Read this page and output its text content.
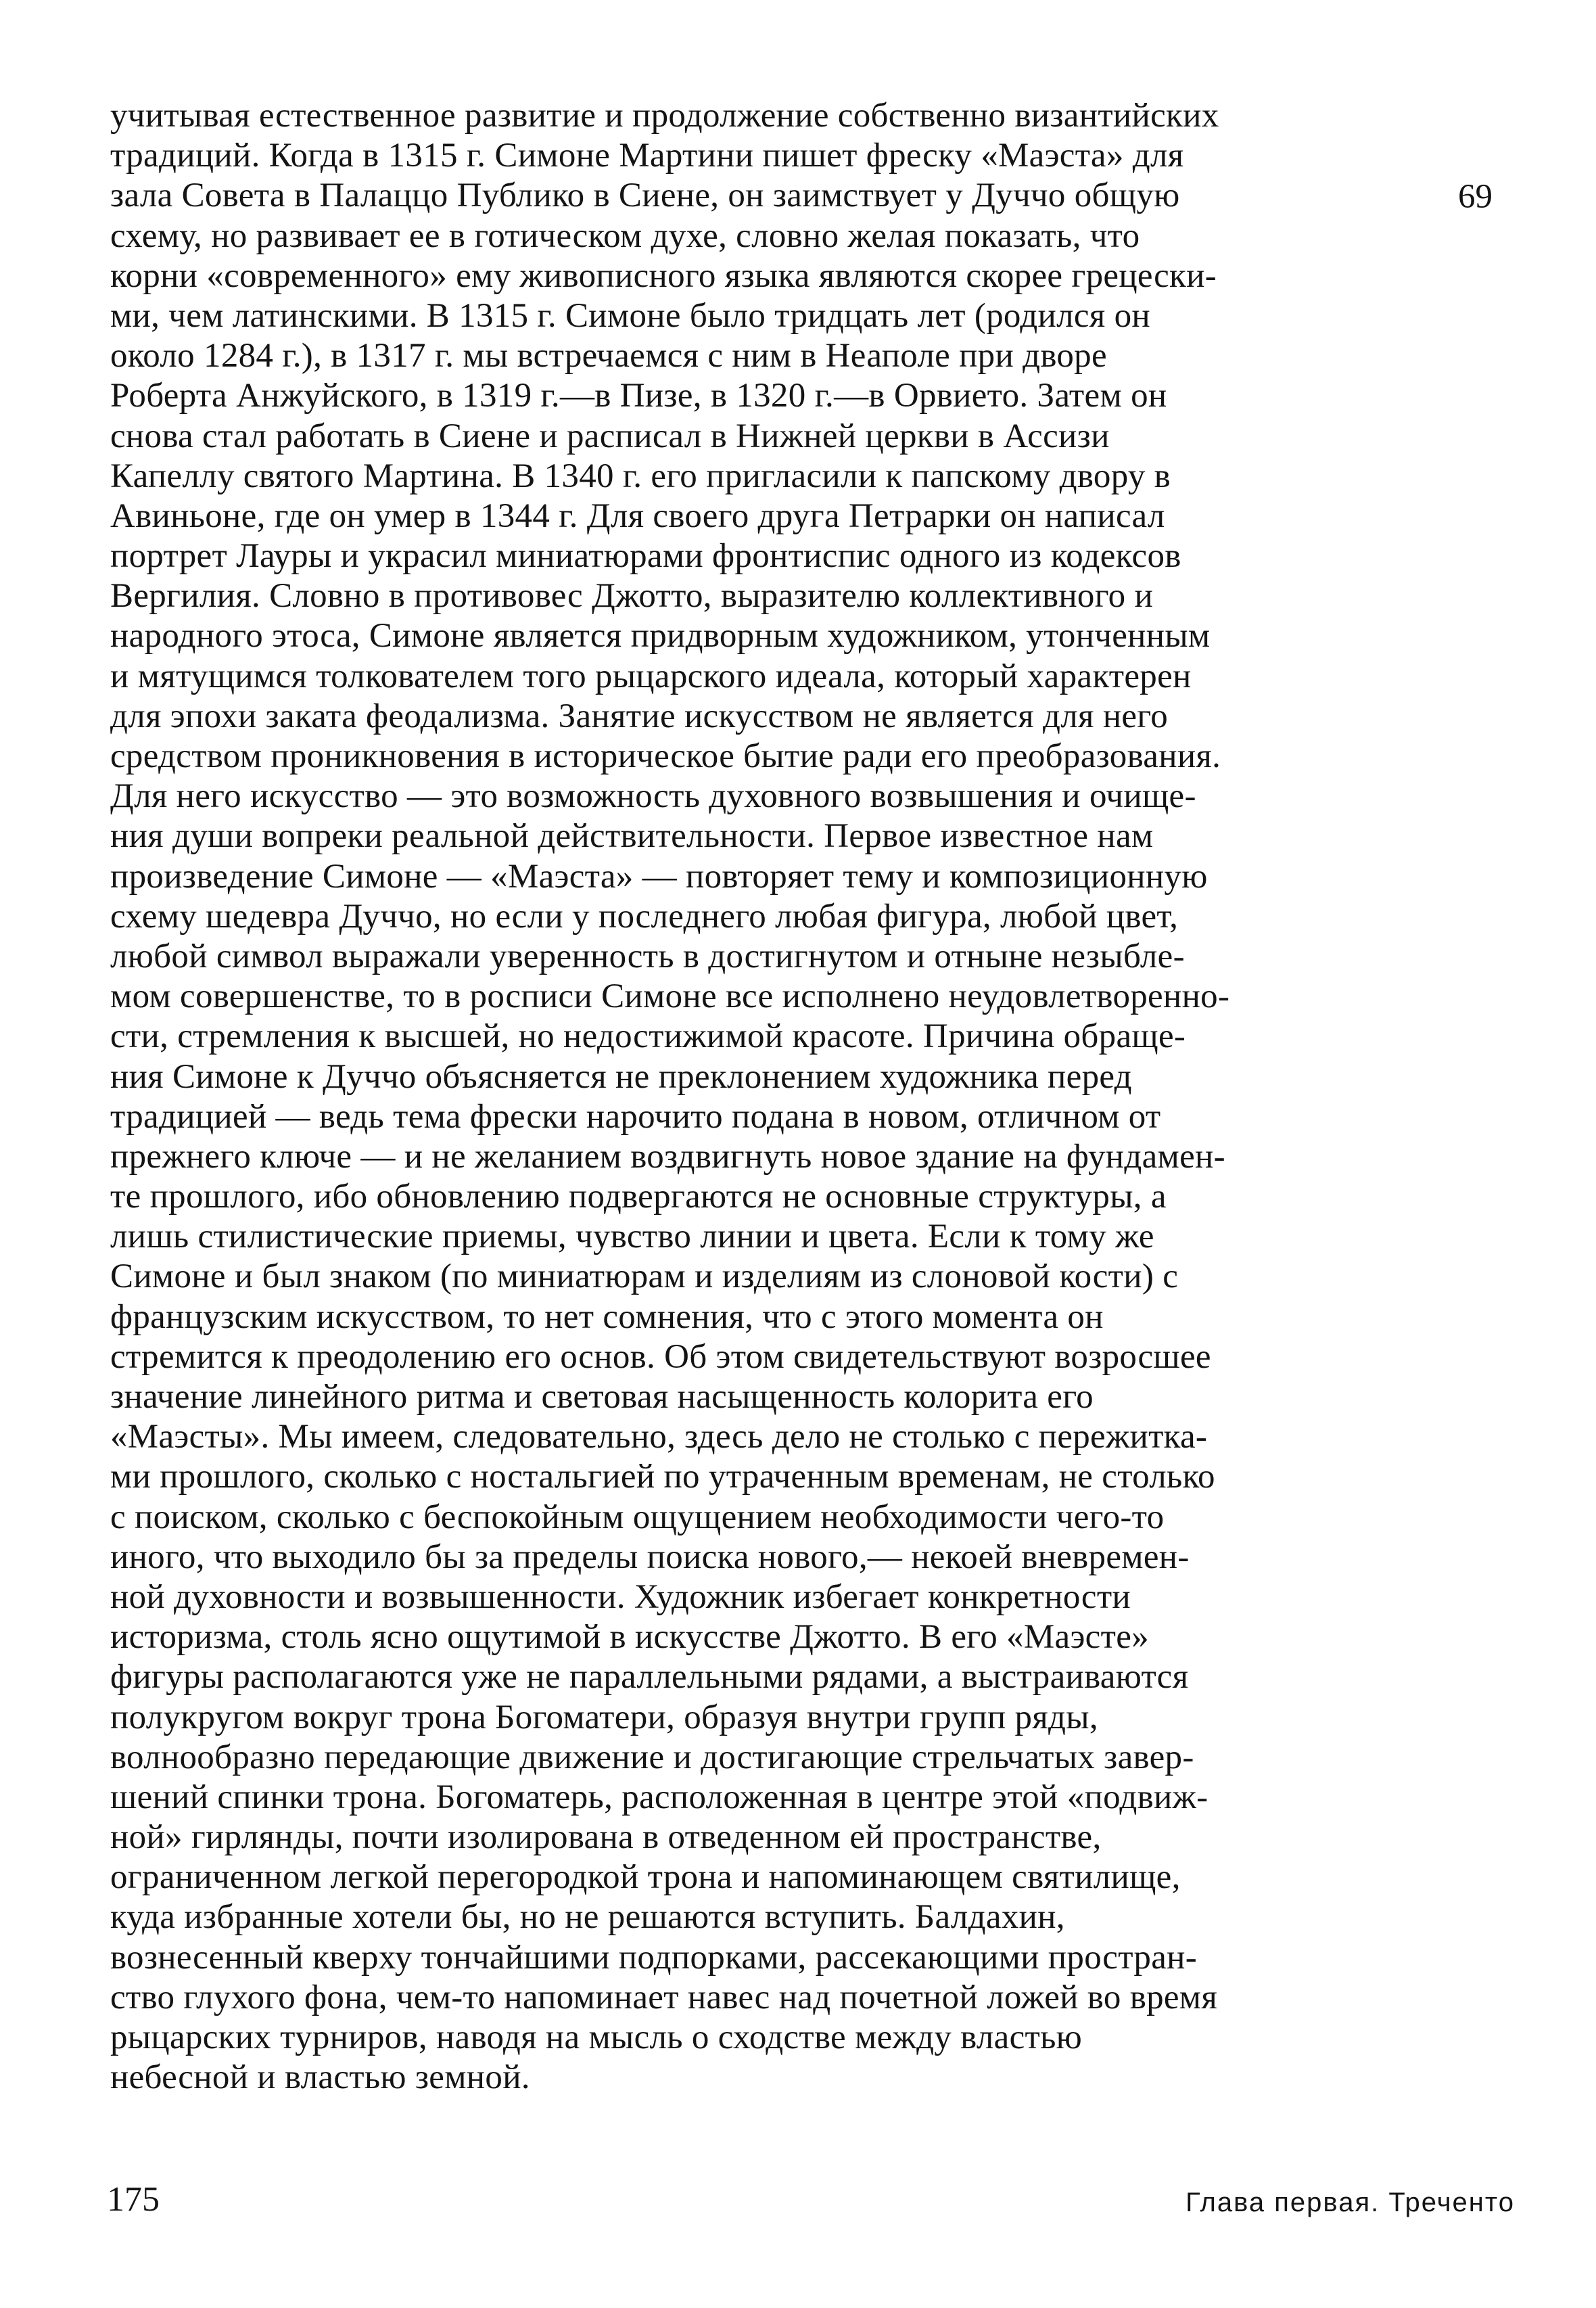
учитывая естественное развитие и продолжение собственно византийских
традиций. Когда в 1315 г. Симоне Мартини пишет фреску «Маэста» для
зала Совета в Палаццо Публико в Сиене, он заимствует у Дуччо общую
схему, но развивает ее в готическом духе, словно желая показать, что
корни «современного» ему живописного языка являются скорее грецески-
ми, чем латинскими. В 1315 г. Симоне было тридцать лет (родился он
около 1284 г.), в 1317 г. мы встречаемся с ним в Неаполе при дворе
Роберта Анжуйского, в 1319 г.—в Пизе, в 1320 г.—в Орвието. Затем он
снова стал работать в Сиене и расписал в Нижней церкви в Ассизи
Капеллу святого Мартина. В 1340 г. его пригласили к папскому двору в
Авиньоне, где он умер в 1344 г. Для своего друга Петрарки он написал
портрет Лауры и украсил миниатюрами фронтиспис одного из кодексов
Вергилия. Словно в противовес Джотто, выразителю коллективного и
народного этоса, Симоне является придворным художником, утонченным
и мятущимся толкователем того рыцарского идеала, который характерен
для эпохи заката феодализма. Занятие искусством не является для него
средством проникновения в историческое бытие ради его преобразования.
Для него искусство — это возможность духовного возвышения и очище-
ния души вопреки реальной действительности. Первое известное нам
произведение Симоне — «Маэста» — повторяет тему и композиционную
схему шедевра Дуччо, но если у последнего любая фигура, любой цвет,
любой символ выражали уверенность в достигнутом и отныне незыбле-
мом совершенстве, то в росписи Симоне все исполнено неудовлетворенно-
сти, стремления к высшей, но недостижимой красоте. Причина обраще-
ния Симоне к Дуччо объясняется не преклонением художника перед
традицией — ведь тема фрески нарочито подана в новом, отличном от
прежнего ключе — и не желанием воздвигнуть новое здание на фундамен-
те прошлого, ибо обновлению подвергаются не основные структуры, а
лишь стилистические приемы, чувство линии и цвета. Если к тому же
Симоне и был знаком (по миниатюрам и изделиям из слоновой кости) с
французским искусством, то нет сомнения, что с этого момента он
стремится к преодолению его основ. Об этом свидетельствуют возросшее
значение линейного ритма и световая насыщенность колорита его
«Маэсты». Мы имеем, следовательно, здесь дело не столько с пережитка-
ми прошлого, сколько с ностальгией по утраченным временам, не столько
с поиском, сколько с беспокойным ощущением необходимости чего-то
иного, что выходило бы за пределы поиска нового,— некоей вневремен-
ной духовности и возвышенности. Художник избегает конкретности
историзма, столь ясно ощутимой в искусстве Джотто. В его «Маэсте»
фигуры располагаются уже не параллельными рядами, а выстраиваются
полукругом вокруг трона Богоматери, образуя внутри групп ряды,
волнообразно передающие движение и достигающие стрельчатых завер-
шений спинки трона. Богоматерь, расположенная в центре этой «подвиж-
ной» гирлянды, почти изолирована в отведенном ей пространстве,
ограниченном легкой перегородкой трона и напоминающем святилище,
куда избранные хотели бы, но не решаются вступить. Балдахин,
вознесенный кверху тончайшими подпорками, рассекающими простран-
ство глухого фона, чем-то напоминает навес над почетной ложей во время
рыцарских турниров, наводя на мысль о сходстве между властью
небесной и властью земной.
69
175	Глава первая. Треченто
